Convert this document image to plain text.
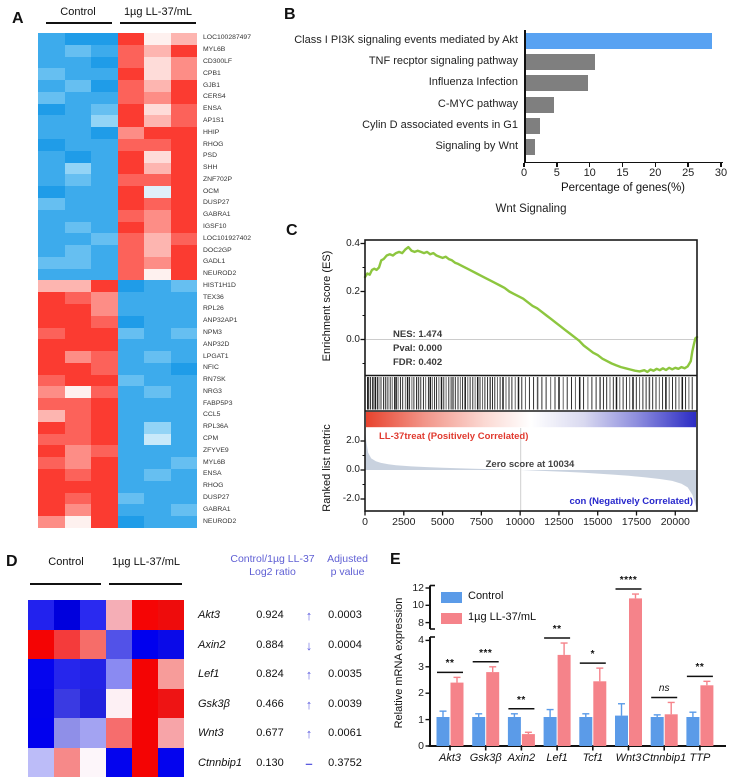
A	Control	1µg LL-37/mL
LOC100287497
MYL6B
CD300LF
CPB1
GJB1
CERS4
ENSA
AP1S1
HHIP
RHOG
PSD
SHH
ZNF702P
OCM
DUSP27
GABRA1
IGSF10
LOC101927402
DOC2GP
GADL1
NEUROD2
HIST1H1D
TEX36
RPL26
ANP32AP1
NPM3
ANP32D
LPGAT1
NFIC
RN7SK
NRG3
FABP5P3
CCL5
RPL36A
CPM
ZFYVE9
MYL6B
ENSA
RHOG
DUSP27
GABRA1
NEUROD2
B
Class I PI3K signaling events mediated by Akt
TNF recptor signaling pathway
Influenza Infection
C-MYC pathway
Cylin D associated events in G1
Signaling by Wnt
0	5	10	15	20	25	30
Percentage of genes(%)
C
Wnt Signaling
Enrichment score (ES)
Ranked list metric
NES: 1.474
Pval: 0.000
FDR: 0.402
LL-37treat (Positively Correlated)
Zero score at 10034
con (Negatively Correlated)
0.4
0.2
0.0
2.0
0.0
-2.0
0	2500	5000	7500	10000 12500 15000 17500 20000
D	Control	1µg LL-37/mL	Control/1µg LL-37
Log2 ratio
Adjusted
p value
Akt3	0.924	↑	0.0003
Axin2	0.884	↓	0.0004
Lef1	0.824	↑	0.0035
Gsk3β	0.466	↑	0.0039
Wnt3	0.677	↑	0.0061
Ctnnbip1	0.130	–	0.3752
E
Relative mRNA expression	8
10
12
0
1
2
3
4
Akt3
**
Gsk3β
***
Axin2
**
Lef1
**
Tcf1
*
Wnt3
****
Ctnnbip1
ns
TTP
**
Control
1µg LL-37/mL
